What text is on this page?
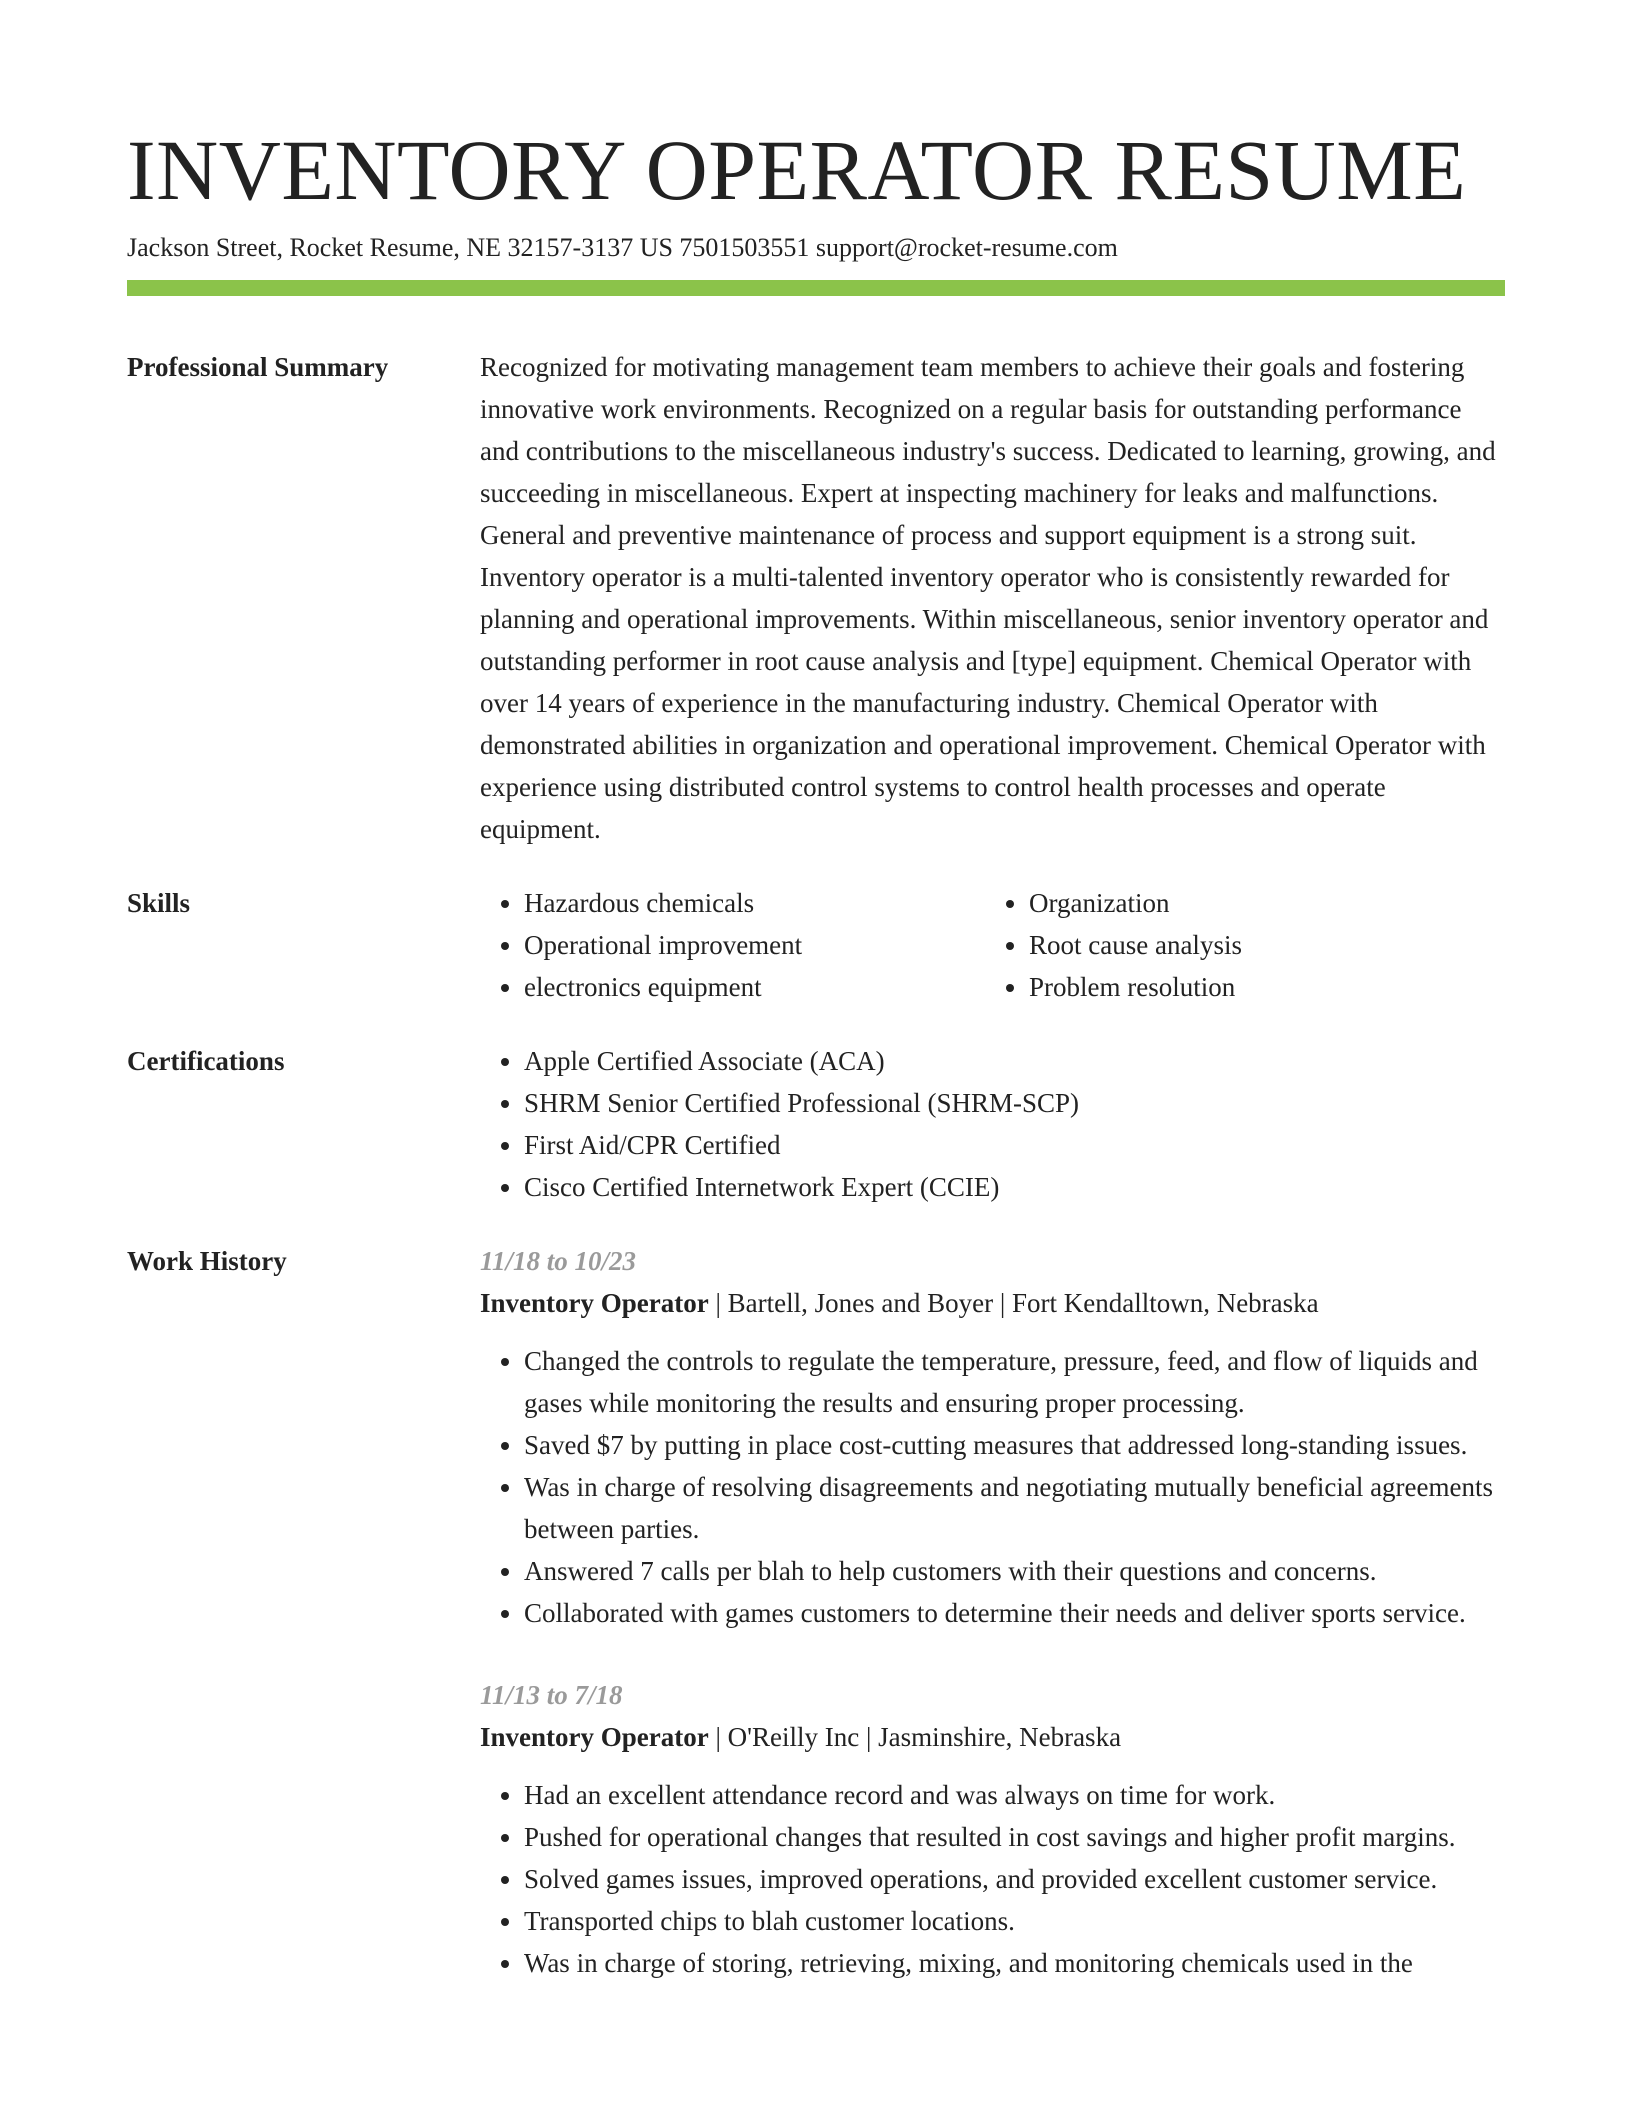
INVENTORY OPERATOR RESUME
Jackson Street, Rocket Resume, NE 32157-3137 US 7501503551 support@rocket-resume.com
Professional Summary	Recognized for motivating management team members to achieve their goals and fostering innovative work environments. Recognized on a regular basis for outstanding performance and contributions to the miscellaneous industry's success. Dedicated to learning, growing, and succeeding in miscellaneous. Expert at inspecting machinery for leaks and malfunctions. General and preventive maintenance of process and support equipment is a strong suit. Inventory operator is a multi-talented inventory operator who is consistently rewarded for planning and operational improvements. Within miscellaneous, senior inventory operator and outstanding performer in root cause analysis and [type] equipment. Chemical Operator with over 14 years of experience in the manufacturing industry. Chemical Operator with demonstrated abilities in organization and operational improvement. Chemical Operator with experience using distributed control systems to control health processes and operate equipment.
Skills	• Hazardous chemicals
• Operational improvement
• electronics equipment
• Organization
• Root cause analysis
• Problem resolution
Certifications	• Apple Certified Associate (ACA)
• SHRM Senior Certified Professional (SHRM-SCP)
• First Aid/CPR Certified
• Cisco Certified Internetwork Expert (CCIE)
Work History	11/18 to 10/23
Inventory Operator | Bartell, Jones and Boyer | Fort Kendalltown, Nebraska
• Changed the controls to regulate the temperature, pressure, feed, and flow of liquids and gases while monitoring the results and ensuring proper processing.
• Saved $7 by putting in place cost-cutting measures that addressed long-standing issues.
• Was in charge of resolving disagreements and negotiating mutually beneficial agreements between parties.
• Answered 7 calls per blah to help customers with their questions and concerns.
• Collaborated with games customers to determine their needs and deliver sports service.
11/13 to 7/18
Inventory Operator | O'Reilly Inc | Jasminshire, Nebraska
• Had an excellent attendance record and was always on time for work.
• Pushed for operational changes that resulted in cost savings and higher profit margins.
• Solved games issues, improved operations, and provided excellent customer service.
• Transported chips to blah customer locations.
• Was in charge of storing, retrieving, mixing, and monitoring chemicals used in the
